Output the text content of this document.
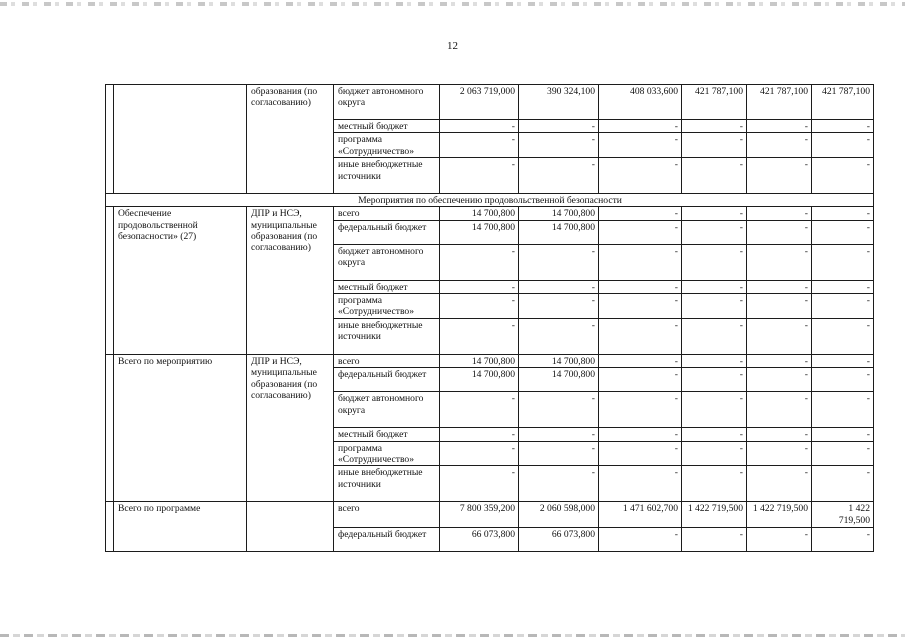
12
		образования (по согласованию)	бюджет автономного округа	2 063 719,000	390 324,100	408 033,600	421 787,100	421 787,100	421 787,100
			местный бюджет	-	-	-	-	-	-
			программа «Сотрудничество»	-	-	-	-	-	-
			иные внебюджетные источники	-	-	-	-	-	-
Мероприятия по обеспечению продовольственной безопасности									
	Обеспечение продовольственной безопасности» (27)	ДПР и НСЭ, муниципальные образования (по согласованию)	всего	14 700,800	14 700,800	-	-	-	-
			федеральный бюджет	14 700,800	14 700,800	-	-	-	-
			бюджет автономного округа	-	-	-	-	-	-
			местный бюджет	-	-	-	-	-	-
			программа «Сотрудничество»	-	-	-	-	-	-
			иные внебюджетные источники	-	-	-	-	-	-
	Всего по мероприятию	ДПР и НСЭ, муниципальные образования (по согласованию)	всего	14 700,800	14 700,800	-	-	-	-
			федеральный бюджет	14 700,800	14 700,800	-	-	-	-
			бюджет автономного округа	-	-	-	-	-	-
			местный бюджет	-	-	-	-	-	-
			программа «Сотрудничество»	-	-	-	-	-	-
			иные внебюджетные источники	-	-	-	-	-	-
	Всего по программе		всего	7 800 359,200	2 060 598,000	1 471 602,700	1 422 719,500	1 422 719,500	1 422 719,500
			федеральный бюджет	66 073,800	66 073,800	-	-	-	-
